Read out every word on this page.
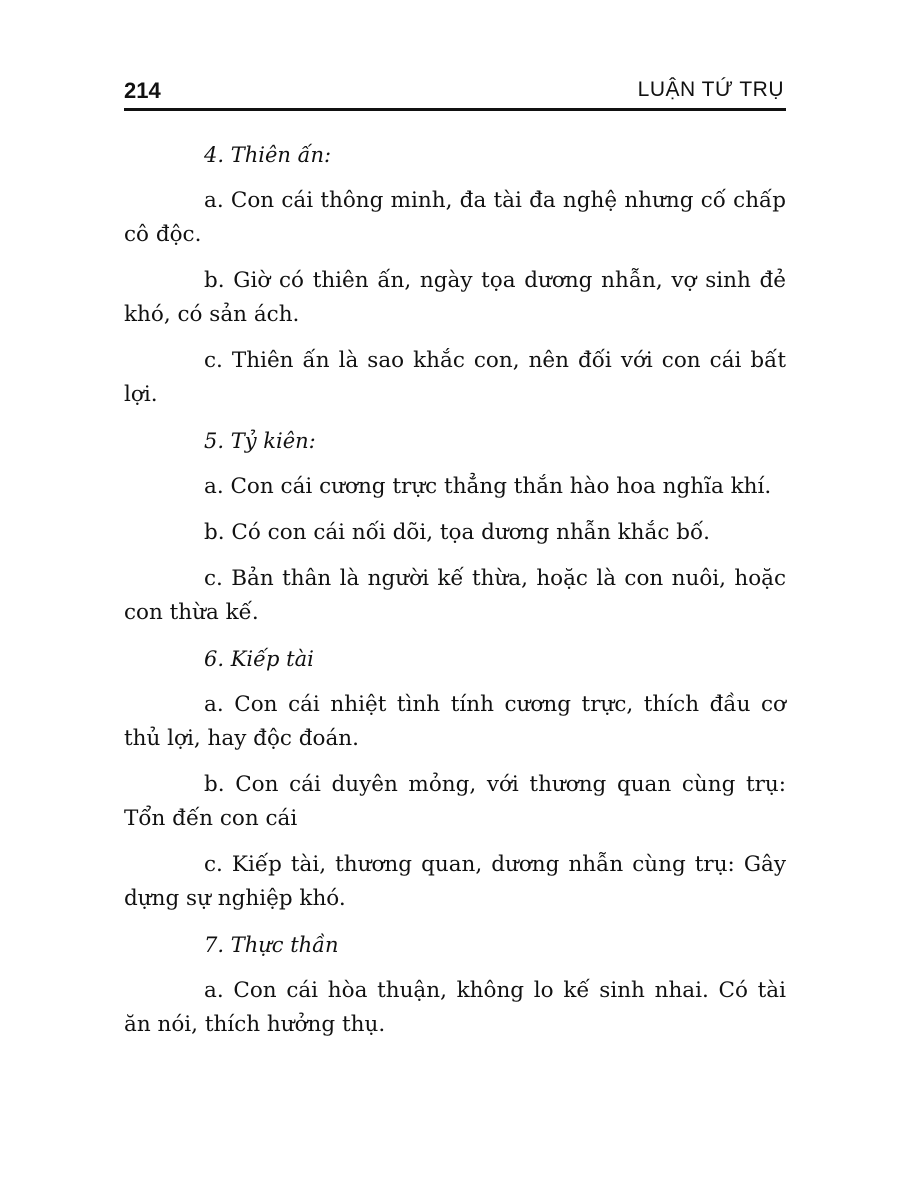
214	LUẬN TỨ TRỤ
4. Thiên ấn:

a. Con cái thông minh, đa tài đa nghệ nhưng cố chấp cô độc.

b. Giờ có thiên ấn, ngày tọa dương nhẫn, vợ sinh đẻ khó, có sản ách.

c. Thiên ấn là sao khắc con, nên đối với con cái bất lợi.

5. Tỷ kiên:

a. Con cái cương trực thẳng thắn hào hoa nghĩa khí.

b. Có con cái nối dõi, tọa dương nhẫn khắc bố.

c. Bản thân là người kế thừa, hoặc là con nuôi, hoặc con thừa kế.

6. Kiếp tài

a. Con cái nhiệt tình tính cương trực, thích đầu cơ thủ lợi, hay độc đoán.

b. Con cái duyên mỏng, với thương quan cùng trụ: Tổn đến con cái

c. Kiếp tài, thương quan, dương nhẫn cùng trụ: Gây dựng sự nghiệp khó.

7. Thực thần

a. Con cái hòa thuận, không lo kế sinh nhai. Có tài ăn nói, thích hưởng thụ.
